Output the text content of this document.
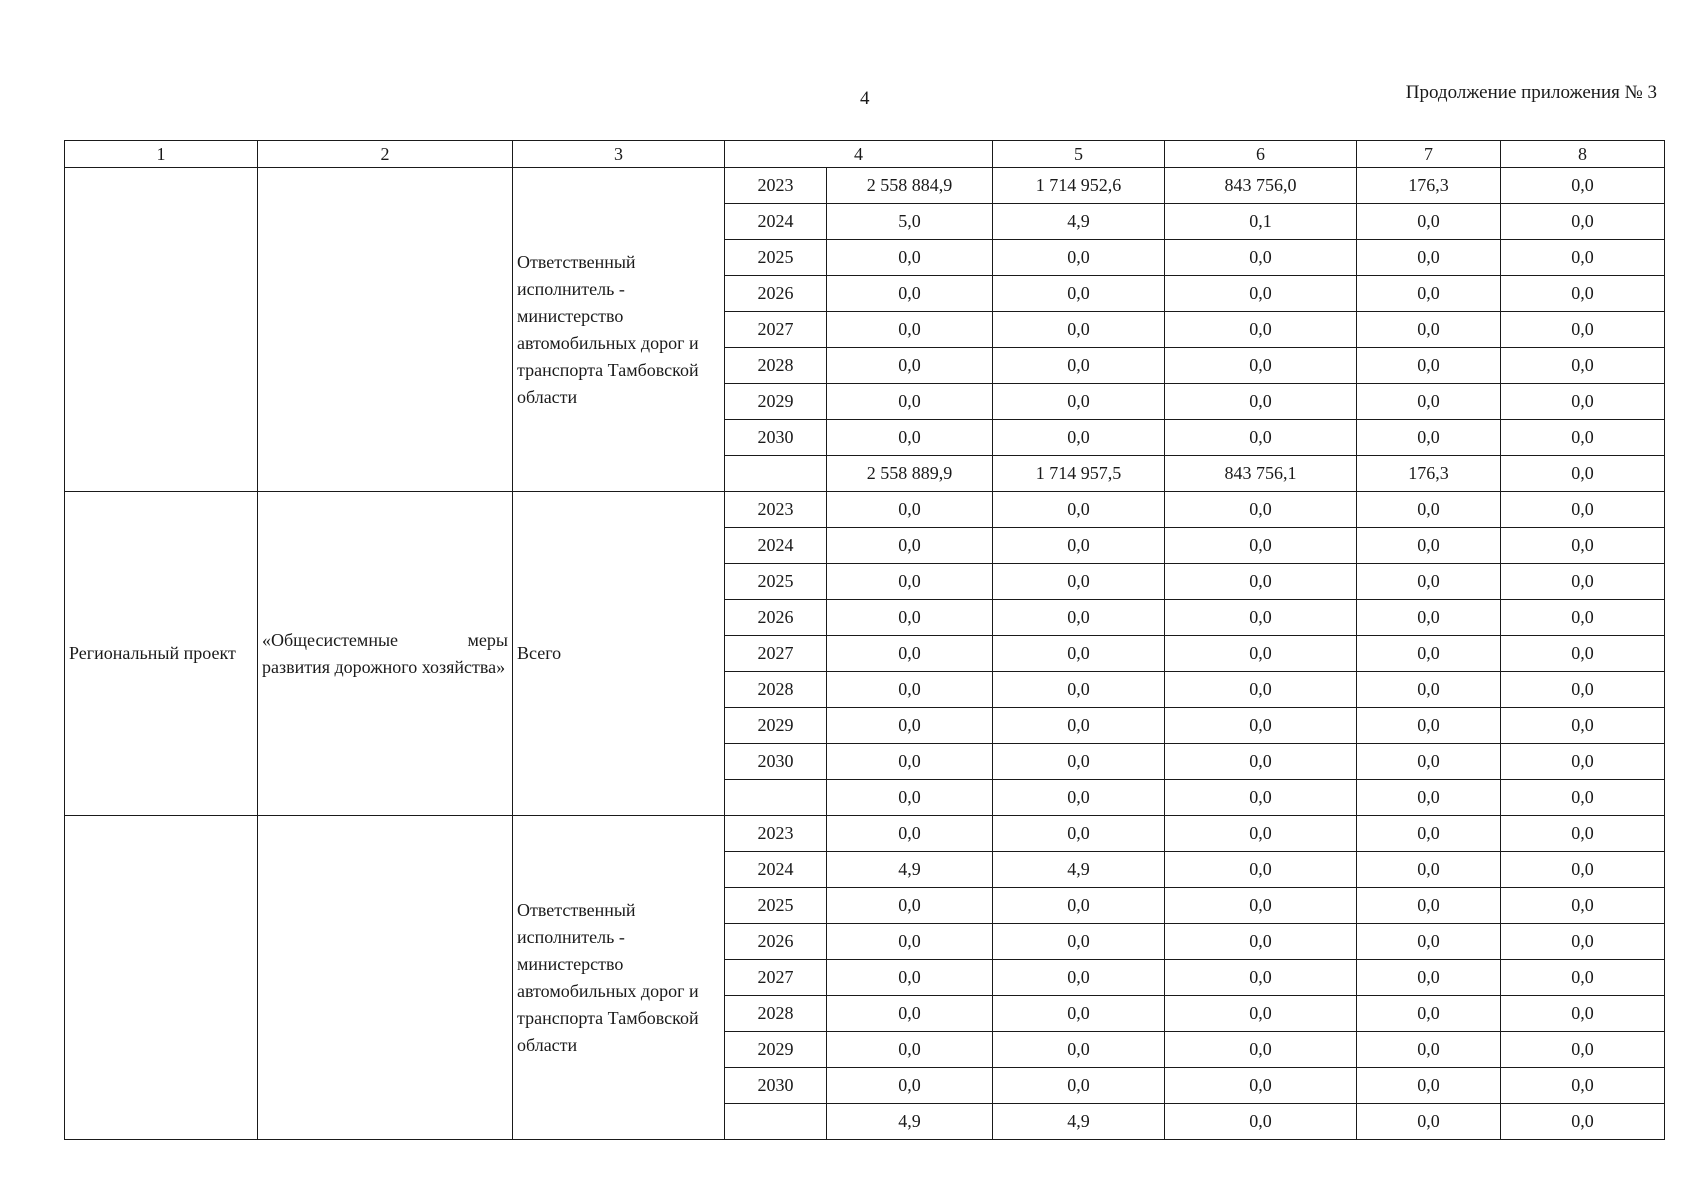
4	Продолжение приложения № 3
1	2	3	4		5	6	7	8
		Ответственный исполнитель - министерство автомобильных дорог и транспорта Тамбовской области	2023	2 558 884,9	1 714 952,6	843 756,0	176,3	0,0
			2024	5,0	4,9	0,1	0,0	0,0
			2025	0,0	0,0	0,0	0,0	0,0
			2026	0,0	0,0	0,0	0,0	0,0
			2027	0,0	0,0	0,0	0,0	0,0
			2028	0,0	0,0	0,0	0,0	0,0
			2029	0,0	0,0	0,0	0,0	0,0
			2030	0,0	0,0	0,0	0,0	0,0
				2 558 889,9	1 714 957,5	843 756,1	176,3	0,0
Региональный проект	«Общесистемные меры развития дорожного хозяйства»	Всего	2023	0,0	0,0	0,0	0,0	0,0
			2024	0,0	0,0	0,0	0,0	0,0
			2025	0,0	0,0	0,0	0,0	0,0
			2026	0,0	0,0	0,0	0,0	0,0
			2027	0,0	0,0	0,0	0,0	0,0
			2028	0,0	0,0	0,0	0,0	0,0
			2029	0,0	0,0	0,0	0,0	0,0
			2030	0,0	0,0	0,0	0,0	0,0
				0,0	0,0	0,0	0,0	0,0
		Ответственный исполнитель - министерство автомобильных дорог и транспорта Тамбовской области	2023	0,0	0,0	0,0	0,0	0,0
			2024	4,9	4,9	0,0	0,0	0,0
			2025	0,0	0,0	0,0	0,0	0,0
			2026	0,0	0,0	0,0	0,0	0,0
			2027	0,0	0,0	0,0	0,0	0,0
			2028	0,0	0,0	0,0	0,0	0,0
			2029	0,0	0,0	0,0	0,0	0,0
			2030	0,0	0,0	0,0	0,0	0,0
				4,9	4,9	0,0	0,0	0,0
